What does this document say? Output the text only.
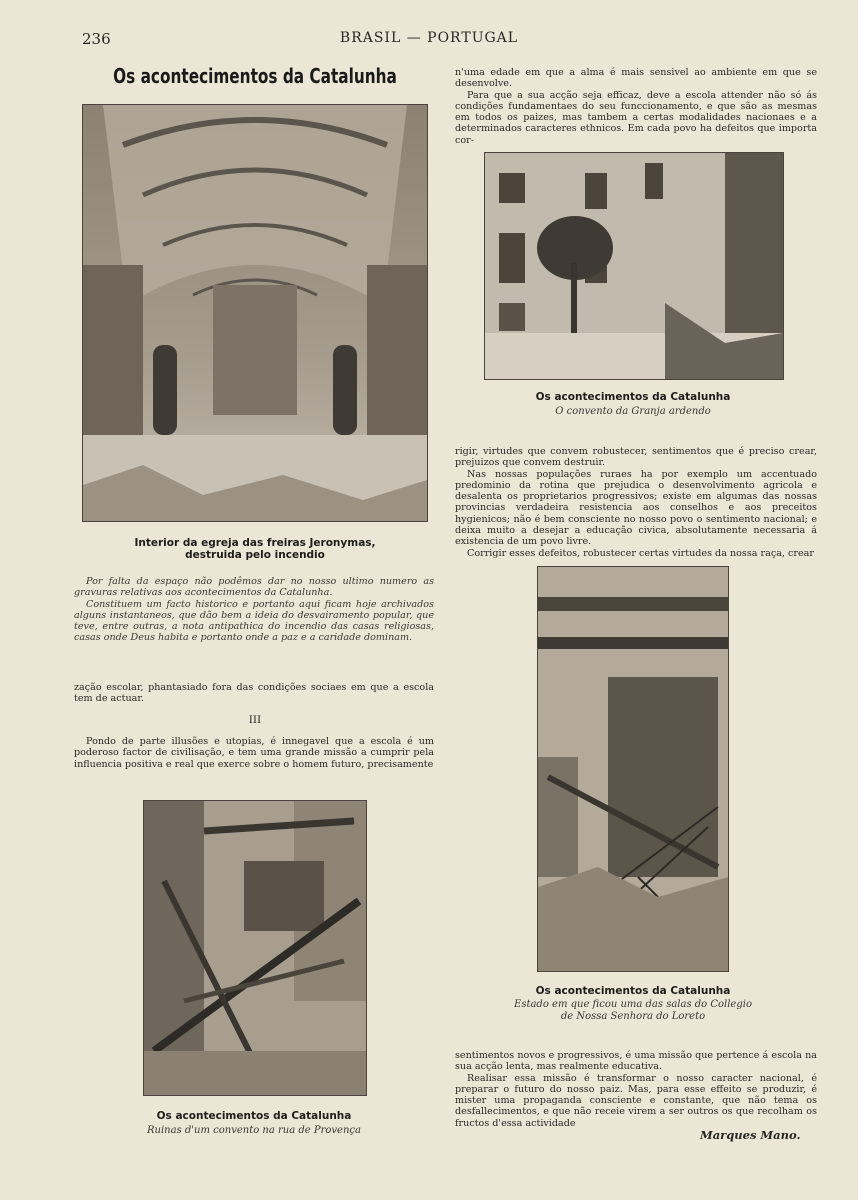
236	BRASIL — PORTUGAL
Os acontecimentos da Catalunha
Interior da egreja das freiras Jeronymas,
destruida pelo incendio

Por falta da espaço não podêmos dar no nosso ultimo numero as gravuras relativas aos acontecimentos da Catalunha.

Constituem um facto historico e portanto aqui ficam hoje archivados alguns instantaneos, que dão bem a ideia do desvairamento popular, que teve, entre outras, a nota antipathica do incendio das casas religiosas, casas onde Deus habita e portanto onde a paz e a caridade dominam.

zação escolar, phantasiado fora das condições sociaes em que a escola tem de actuar.

III

Pondo de parte illusões e utopias, é innegavel que a escola é um poderoso factor de civilisação, e tem uma grande missão a cumprir pela influencia positiva e real que exerce sobre o homem futuro, precisamente

Os acontecimentos da Catalunha
Ruinas d'um convento na rua de Provença

n'uma edade em que a alma é mais sensivel ao ambiente em que se desenvolve.

Para que a sua acção seja efficaz, deve a escola attender não só ás condições fundamentaes do seu funccionamento, e que são as mesmas em todos os paizes, mas tambem a certas modalidades nacionaes e a determinados caracteres ethnicos. Em cada povo ha defeitos que importa cor-

Os acontecimentos da Catalunha
O convento da Granja ardendo

rigir, virtudes que convem robustecer, sentimentos que é preciso crear, prejuizos que convem destruir.

Nas nossas populações ruraes ha por exemplo um accentuado predominio da rotina que prejudica o desenvolvimento agricola e desalenta os proprietarios progressivos; existe em algumas das nossas provincias verdadeira resistencia aos conselhos e aos preceitos hygienicos; não é bem consciente no nosso povo o sentimento nacional; e deixa muito a desejar a educação civica, absolutamente necessaria á existencia de um povo livre.

Corrigir esses defeitos, robustecer certas virtudes da nossa raça, crear

Os acontecimentos da Catalunha
Estado em que ficou uma das salas do Collegio
de Nossa Senhora do Loreto

sentimentos novos e progressivos, é uma missão que pertence á escola na sua acção lenta, mas realmente educativa.

Realisar essa missão é transformar o nosso caracter nacional, é preparar o futuro do nosso paiz. Mas, para esse effeito se produzir, é mister uma propaganda consciente e constante, que não tema os desfallecimentos, e que não receie virem a ser outros os que recolham os fructos d'essa actividade

Marques Mano.
